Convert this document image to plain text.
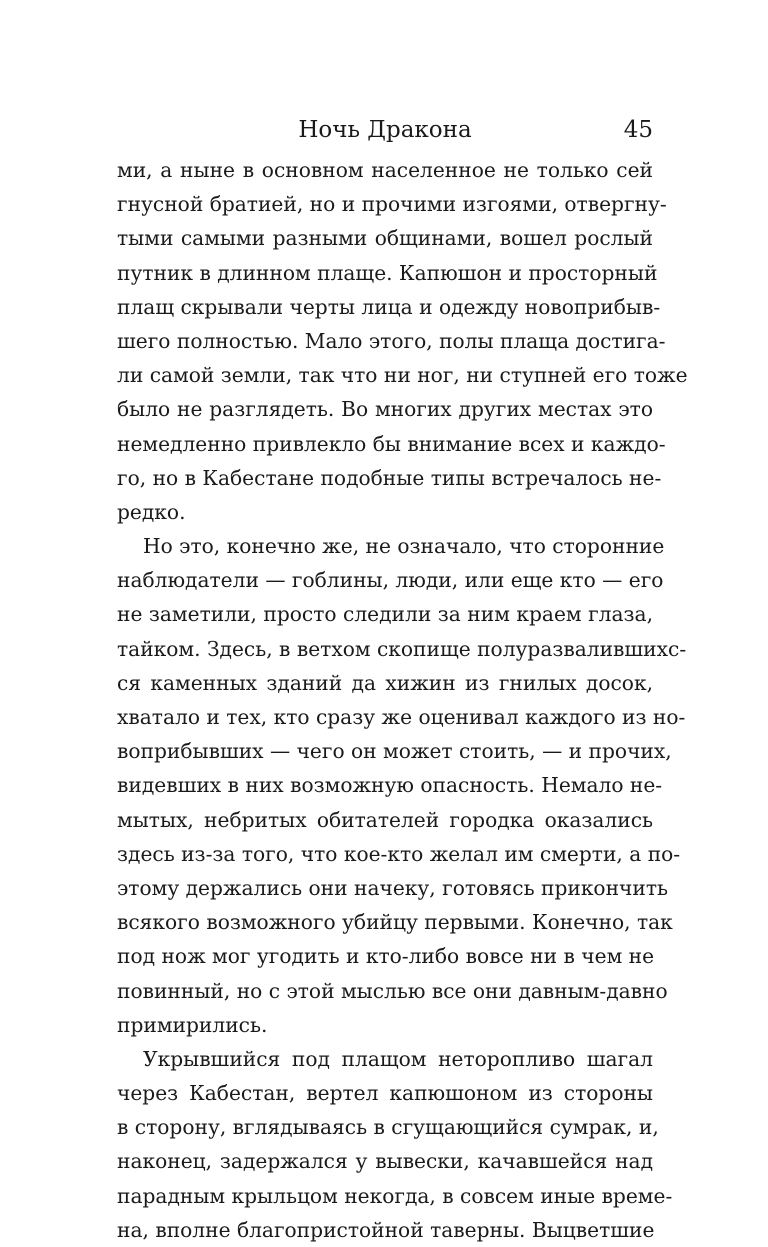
Ночь Дракона	45
ми, а ныне в основном населенное не только сей
гнусной братией, но и прочими изгоями, отвергну-
тыми самыми разными общинами, вошел рослый
путник в длинном плаще. Капюшон и просторный
плащ скрывали черты лица и одежду новоприбыв-
шего полностью. Мало этого, полы плаща достига-
ли самой земли, так что ни ног, ни ступней его тоже
было не разглядеть. Во многих других местах это
немедленно привлекло бы внимание всех и каждо-
го, но в Кабестане подобные типы встречалось не-
редко.
Но это, конечно же, не означало, что сторонние
наблюдатели — гоблины, люди, или еще кто — его
не заметили, просто следили за ним краем глаза,
тайком. Здесь, в ветхом скопище полуразвалившихс-
ся каменных зданий да хижин из гнилых досок,
хватало и тех, кто сразу же оценивал каждого из но-
воприбывших — чего он может стоить, — и прочих,
видевших в них возможную опасность. Немало не-
мытых, небритых обитателей городка оказались
здесь из-за того, что кое-кто желал им смерти, а по-
этому держались они начеку, готовясь прикончить
всякого возможного убийцу первыми. Конечно, так
под нож мог угодить и кто-либо вовсе ни в чем не
повинный, но с этой мыслью все они давным-давно
примирились.
Укрывшийся под плащом неторопливо шагал
через Кабестан, вертел капюшоном из стороны
в сторону, вглядываясь в сгущающийся сумрак, и,
наконец, задержался у вывески, качавшейся над
парадным крыльцом некогда, в совсем иные време-
на, вполне благопристойной таверны. Выцветшие
